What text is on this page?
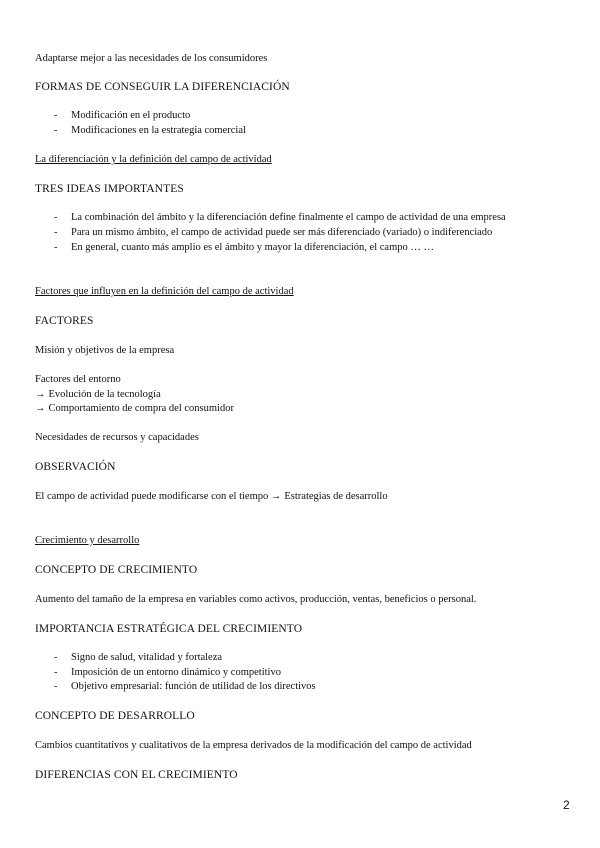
Adaptarse mejor a las necesidades de los consumidores
FORMAS DE CONSEGUIR LA DIFERENCIACIÓN
- Modificación en el producto
- Modificaciones en la estrategia comercial
La diferenciación y la definición del campo de actividad
TRES IDEAS IMPORTANTES
- La combinación del ámbito y la diferenciación define finalmente el campo de actividad de una empresa
- Para un mismo ámbito, el campo de actividad puede ser más diferenciado (variado) o indiferenciado
- En general, cuanto más amplio es el ámbito y mayor la diferenciación, el campo … …
Factores que influyen en la definición del campo de actividad
FACTORES
Misión y objetivos de la empresa
Factores del entorno
→ Evolución de la tecnología
→ Comportamiento de compra del consumidor
Necesidades de recursos y capacidades
OBSERVACIÓN
El campo de actividad puede modificarse con el tiempo → Estrategias de desarrollo
Crecimiento y desarrollo
CONCEPTO DE CRECIMIENTO
Aumento del tamaño de la empresa en variables como activos, producción, ventas, beneficios o personal.
IMPORTANCIA ESTRATÉGICA DEL CRECIMIENTO
- Signo de salud, vitalidad y fortaleza
- Imposición de un entorno dinámico y competitivo
- Objetivo empresarial: función de utilidad de los directivos
CONCEPTO DE DESARROLLO
Cambios cuantitativos y cualitativos de la empresa derivados de la modificación del campo de actividad
DIFERENCIAS CON EL CRECIMIENTO
2
